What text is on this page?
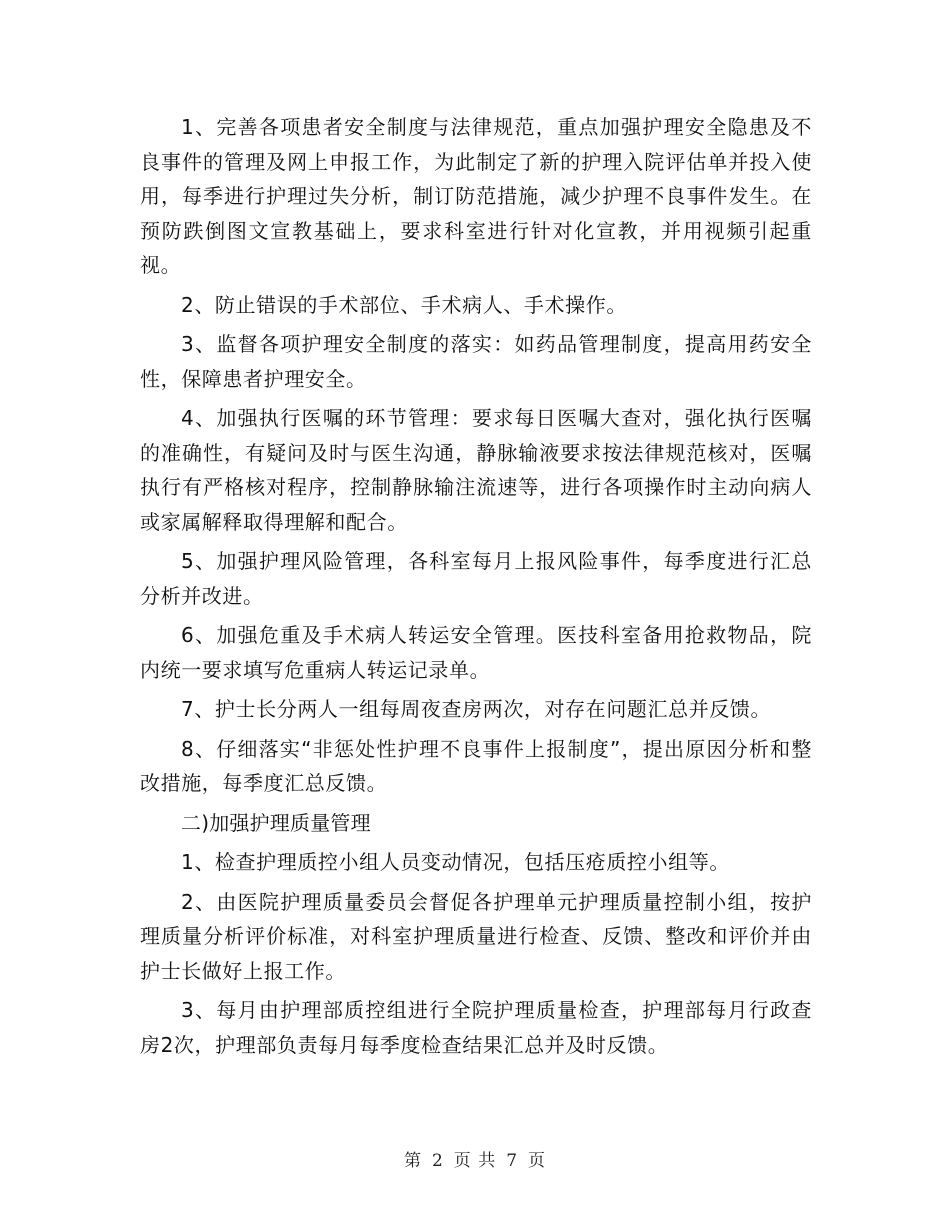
1、完善各项患者安全制度与法律规范，重点加强护理安全隐患及不良事件的管理及网上申报工作，为此制定了新的护理入院评估单并投入使用，每季进行护理过失分析，制订防范措施，减少护理不良事件发生。在预防跌倒图文宣教基础上，要求科室进行针对化宣教，并用视频引起重视。

2、防止错误的手术部位、手术病人、手术操作。

3、监督各项护理安全制度的落实：如药品管理制度，提高用药安全性，保障患者护理安全。

4、加强执行医嘱的环节管理：要求每日医嘱大查对，强化执行医嘱的准确性，有疑问及时与医生沟通，静脉输液要求按法律规范核对，医嘱执行有严格核对程序，控制静脉输注流速等，进行各项操作时主动向病人或家属解释取得理解和配合。

5、加强护理风险管理，各科室每月上报风险事件，每季度进行汇总分析并改进。

6、加强危重及手术病人转运安全管理。医技科室备用抢救物品，院内统一要求填写危重病人转运记录单。

7、护士长分两人一组每周夜查房两次，对存在问题汇总并反馈。

8、仔细落实“非惩处性护理不良事件上报制度”，提出原因分析和整改措施，每季度汇总反馈。

二)加强护理质量管理

1、检查护理质控小组人员变动情况，包括压疮质控小组等。

2、由医院护理质量委员会督促各护理单元护理质量控制小组，按护理质量分析评价标准，对科室护理质量进行检查、反馈、整改和评价并由护士长做好上报工作。

3、每月由护理部质控组进行全院护理质量检查，护理部每月行政查房2次，护理部负责每月每季度检查结果汇总并及时反馈。

第 2 页 共 7 页
